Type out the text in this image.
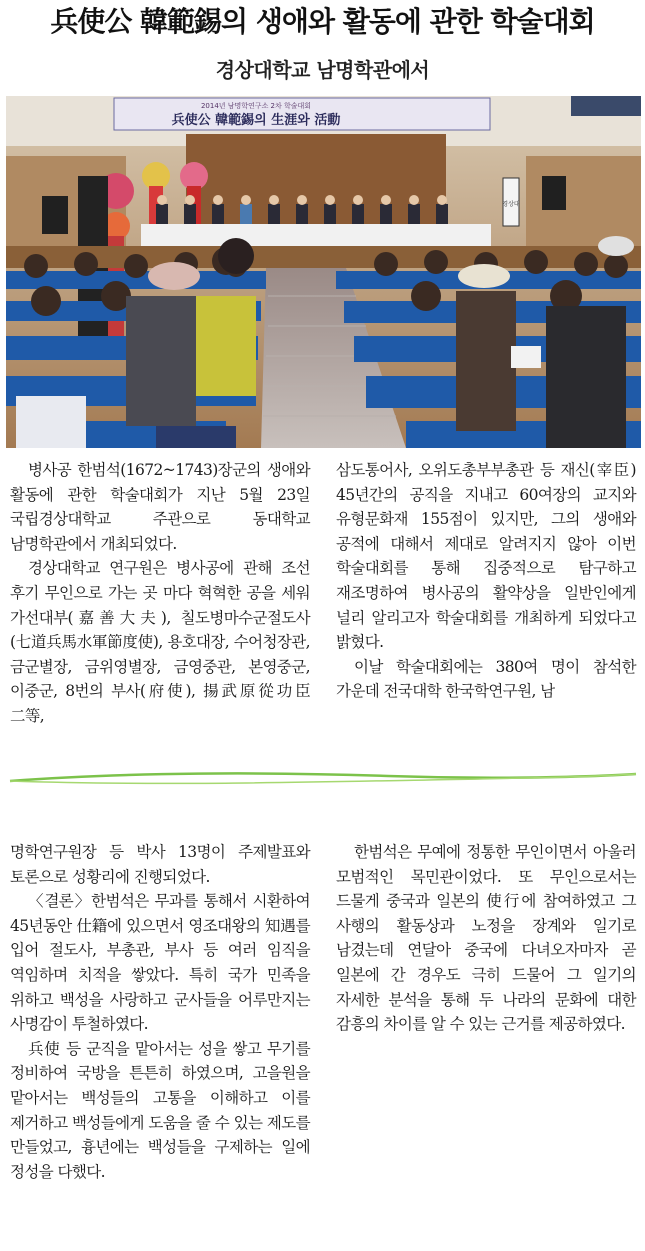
兵使公 韓範錫의 생애와 활동에 관한 학술대회
경상대학교 남명학관에서
2014년 남명학연구소 2차 학술대회
兵使公 韓範錫의 生涯와 活動
경상대

병사공 한범석(1672~1743)장군의 생애와 활동에 관한 학술대회가 지난 5월 23일 국립경상대학교 주관으로 동대학교 남명학관에서 개최되었다.

경상대학교 연구원은 병사공에 관해 조선 후기 무인으로 가는 곳 마다 혁혁한 공을 세워 가선대부(嘉善大夫), 칠도병마수군절도사(七道兵馬水軍節度使), 용호대장, 수어청장관, 금군별장, 금위영별장, 금영중관, 본영중군, 이중군, 8번의 부사(府使), 揚武原從功臣 二等,

삼도통어사, 오위도총부부총관 등 재신(宰臣) 45년간의 공직을 지내고 60여장의 교지와 유형문화재 155점이 있지만, 그의 생애와 공적에 대해서 제대로 알려지지 않아 이번 학술대회를 통해 집중적으로 탐구하고 재조명하여 병사공의 활약상을 일반인에게 널리 알리고자 학술대회를 개최하게 되었다고 밝혔다.

이날 학술대회에는 380여 명이 참석한 가운데 전국대학 한국학연구원, 남

명학연구원장 등 박사 13명이 주제발표와 토론으로 성황리에 진행되었다.

〈결론〉한범석은 무과를 통해서 시환하여 45년동안 仕籍에 있으면서 영조대왕의 知遇를 입어 절도사, 부총관, 부사 등 여러 임직을 역임하며 치적을 쌓았다. 특히 국가 민족을 위하고 백성을 사랑하고 군사들을 어루만지는 사명감이 투철하였다.

兵使 등 군직을 맡아서는 성을 쌓고 무기를 정비하여 국방을 튼튼히 하였으며, 고을원을 맡아서는 백성들의 고통을 이해하고 이를 제거하고 백성들에게 도움을 줄 수 있는 제도를 만들었고, 흉년에는 백성들을 구제하는 일에 정성을 다했다.

한범석은 무예에 정통한 무인이면서 아울러 모범적인 목민관이었다. 또 무인으로서는 드물게 중국과 일본의 使行에 참여하였고 그 사행의 활동상과 노정을 장계와 일기로 남겼는데 연달아 중국에 다녀오자마자 곧 일본에 간 경우도 극히 드물어 그 일기의 자세한 분석을 통해 두 나라의 문화에 대한 감흥의 차이를 알 수 있는 근거를 제공하였다.
